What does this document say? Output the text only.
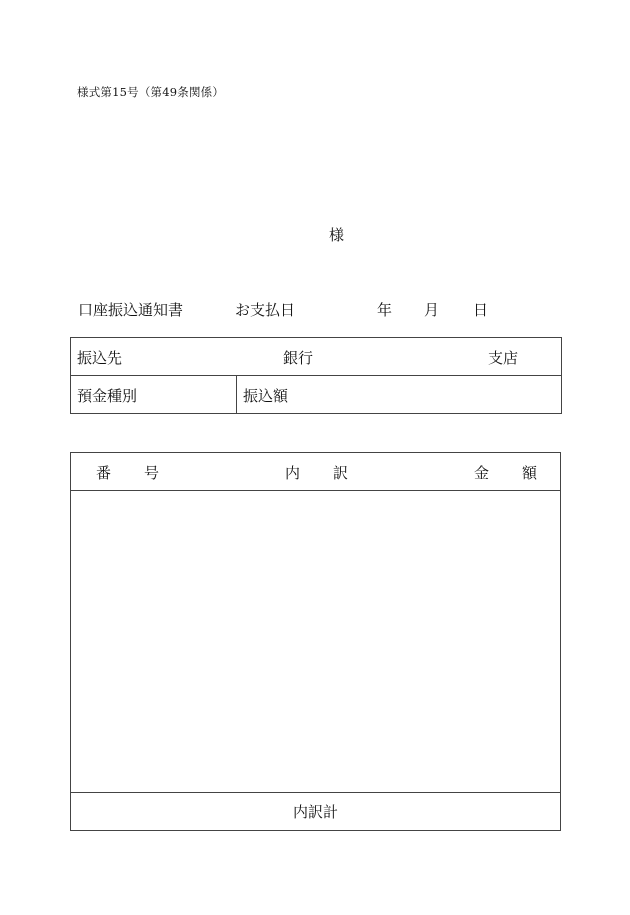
様式第15号（第49条関係）
様
口座振込通知書	お支払日	年 月 日
振込先	銀行	支店

預金種別	振込額
番 号	内 訳	金 額

内訳計
